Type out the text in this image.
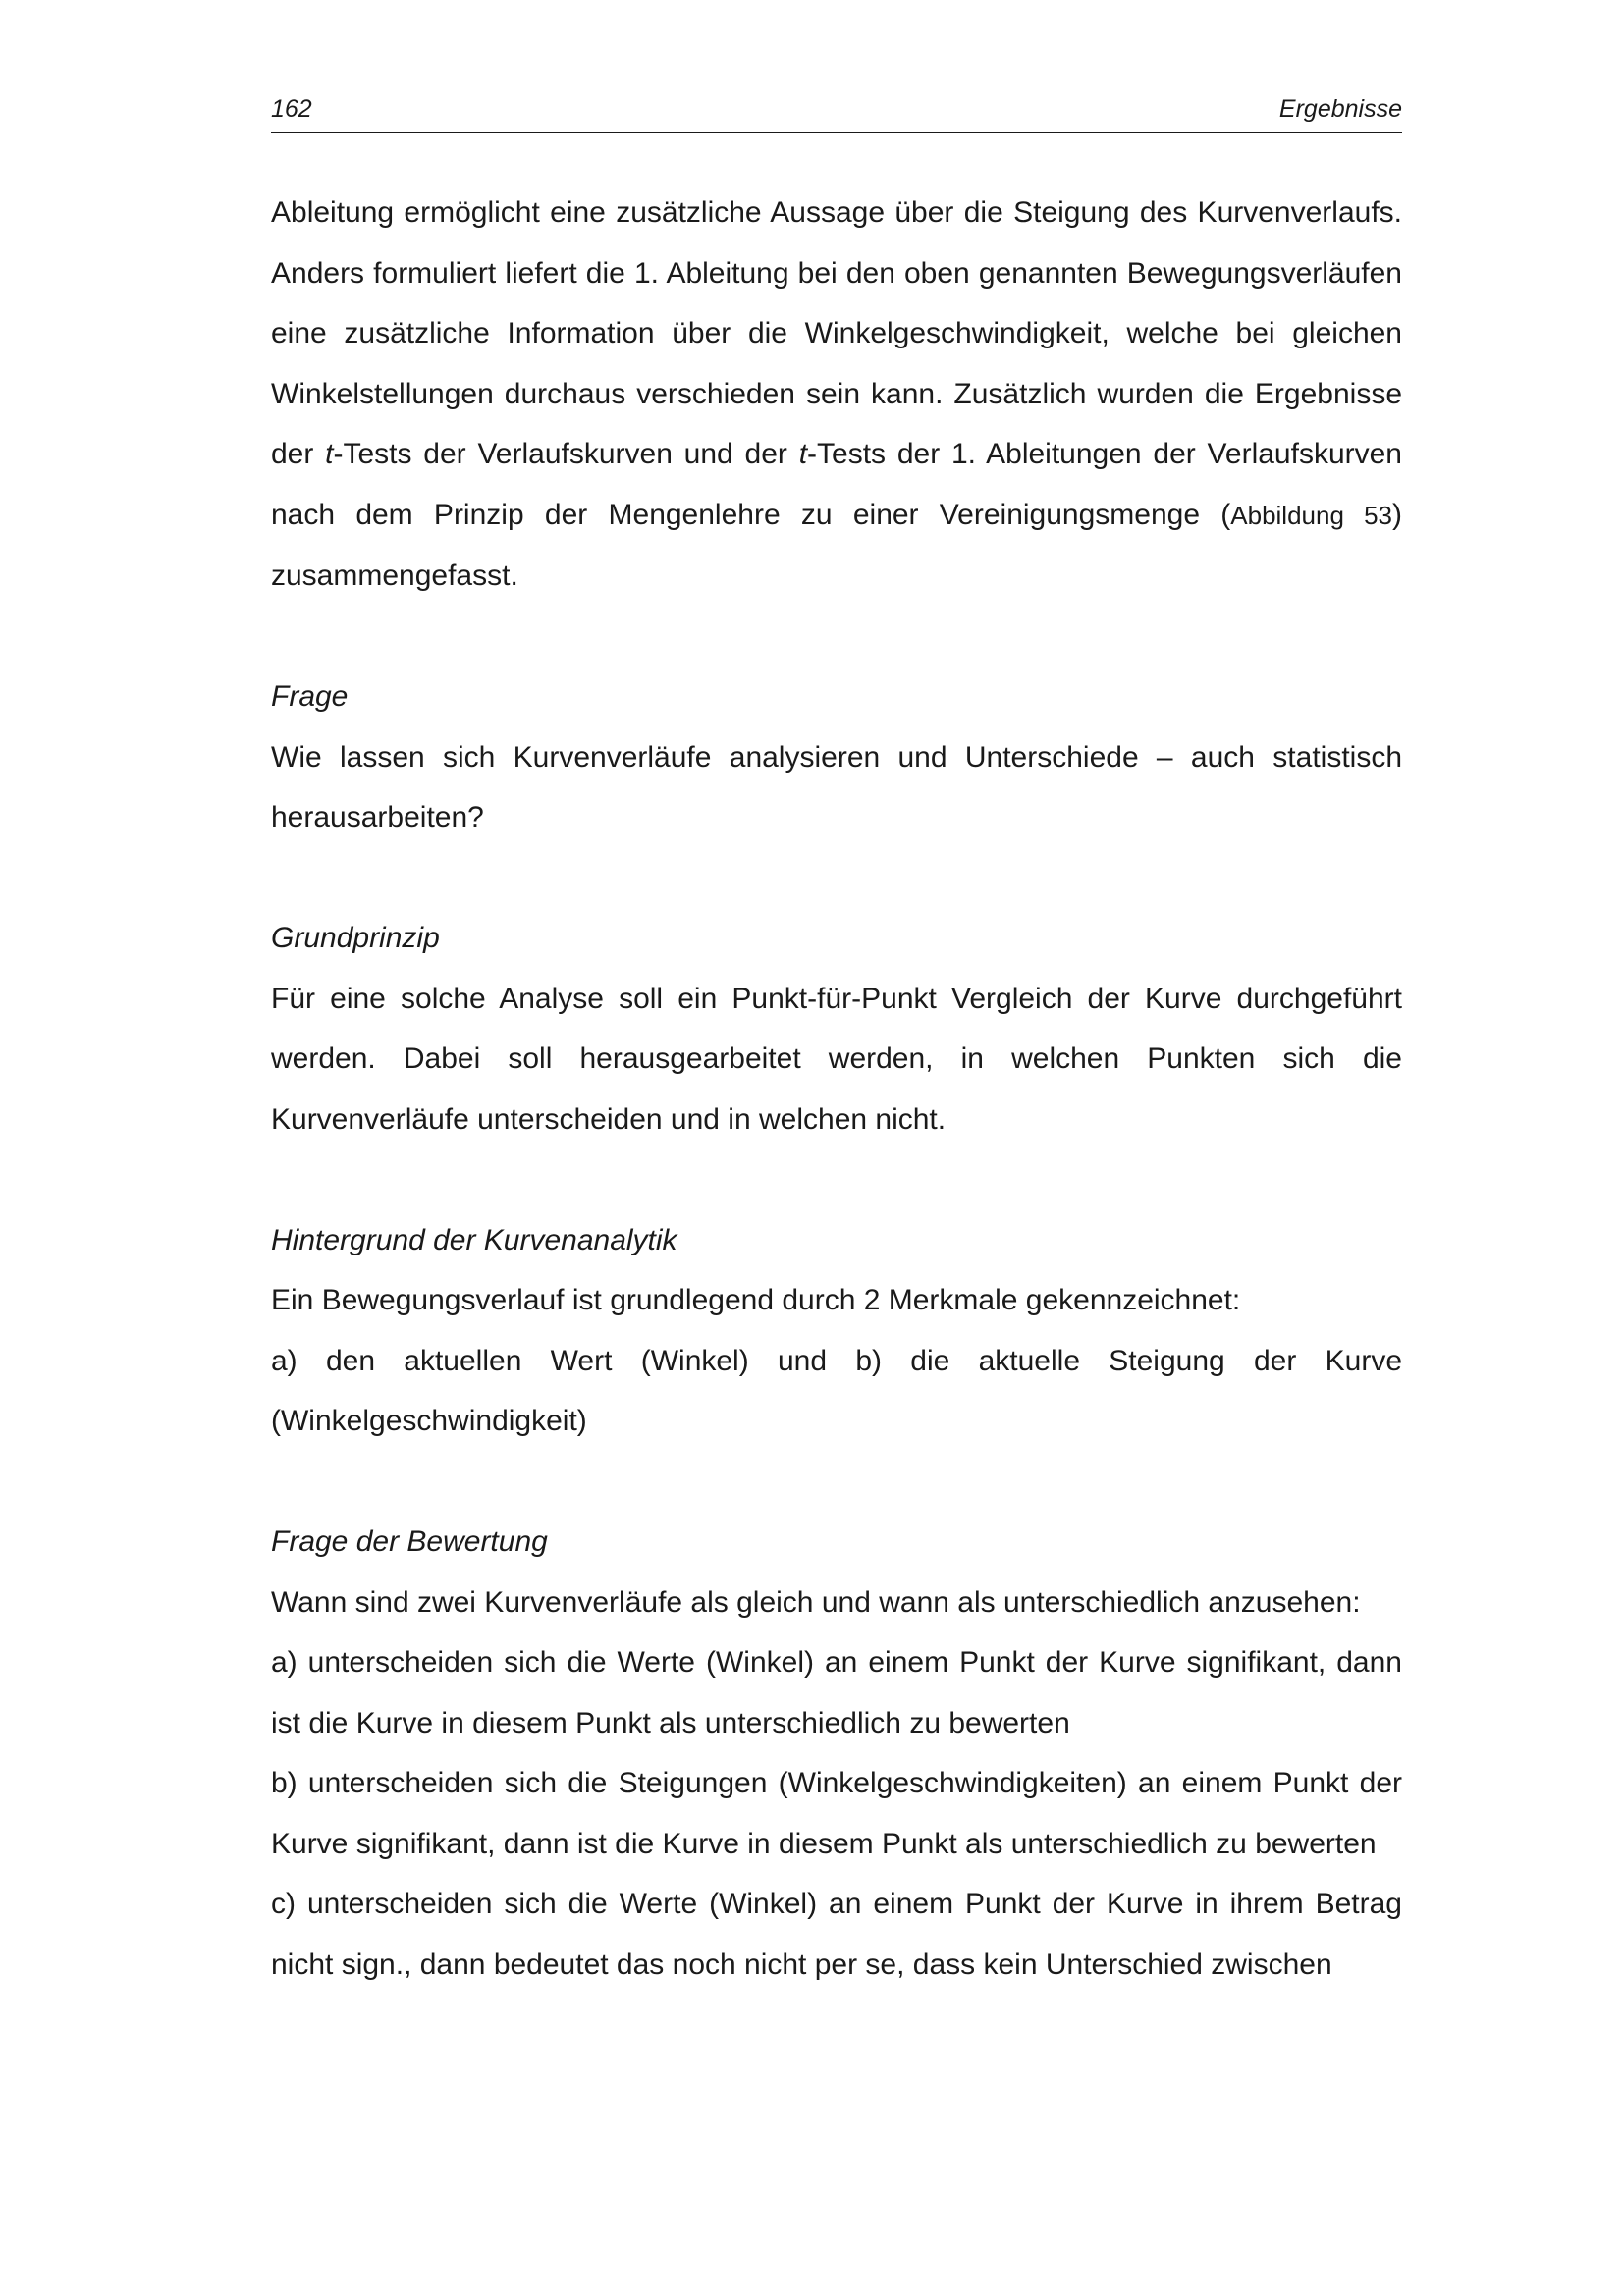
162	Ergebnisse

Ableitung ermöglicht eine zusätzliche Aussage über die Steigung des Kurvenverlaufs. Anders formuliert liefert die 1. Ableitung bei den oben genannten Bewegungsverläufen eine zusätzliche Information über die Winkelgeschwindigkeit, welche bei gleichen Winkelstellungen durchaus verschieden sein kann. Zusätzlich wurden die Ergebnisse der t-Tests der Verlaufskurven und der t-Tests der 1. Ableitungen der Verlaufskurven nach dem Prinzip der Mengenlehre zu einer Vereinigungsmenge (Abbildung 53) zusammengefasst.

Frage

Wie lassen sich Kurvenverläufe analysieren und Unterschiede – auch statistisch herausarbeiten?

Grundprinzip

Für eine solche Analyse soll ein Punkt-für-Punkt Vergleich der Kurve durchgeführt werden. Dabei soll herausgearbeitet werden, in welchen Punkten sich die Kurvenverläufe unterscheiden und in welchen nicht.

Hintergrund der Kurvenanalytik

Ein Bewegungsverlauf ist grundlegend durch 2 Merkmale gekennzeichnet:

a) den aktuellen Wert (Winkel) und b) die aktuelle Steigung der Kurve (Winkelgeschwindigkeit)

Frage der Bewertung

Wann sind zwei Kurvenverläufe als gleich und wann als unterschiedlich anzusehen:

a) unterscheiden sich die Werte (Winkel) an einem Punkt der Kurve signifikant, dann ist die Kurve in diesem Punkt als unterschiedlich zu bewerten

b) unterscheiden sich die Steigungen (Winkelgeschwindigkeiten) an einem Punkt der Kurve signifikant, dann ist die Kurve in diesem Punkt als unterschiedlich zu bewerten

c) unterscheiden sich die Werte (Winkel) an einem Punkt der Kurve in ihrem Betrag nicht sign., dann bedeutet das noch nicht per se, dass kein Unterschied zwischen
